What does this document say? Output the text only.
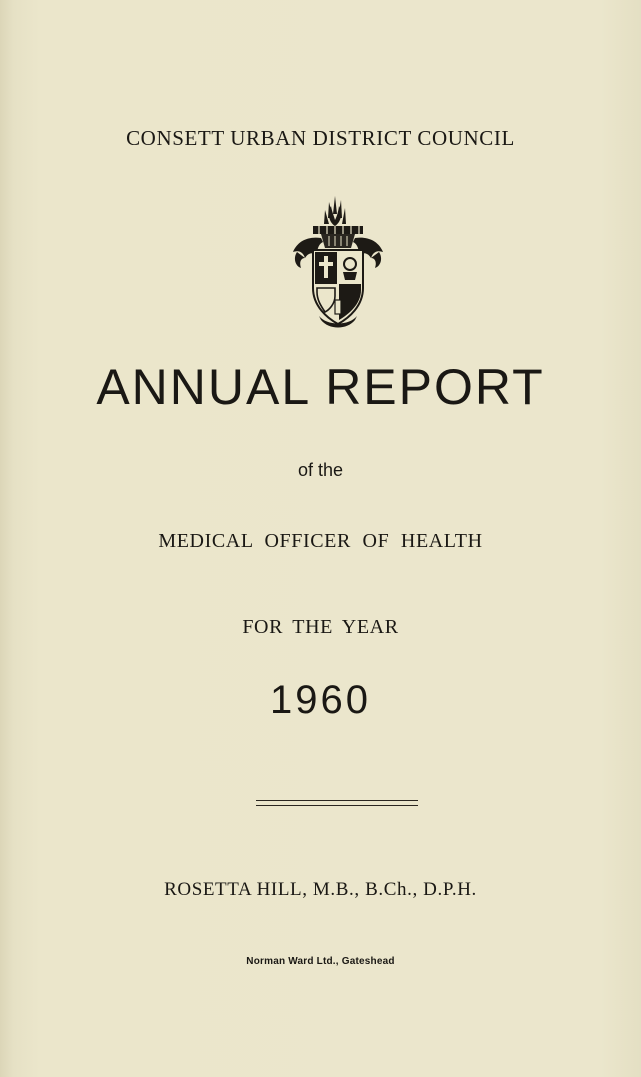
CONSETT URBAN DISTRICT COUNCIL
ANNUAL REPORT
of the
MEDICAL OFFICER OF HEALTH
FOR THE YEAR
1960
ROSETTA HILL, M.B., B.Ch., D.P.H.
Norman Ward Ltd., Gateshead
